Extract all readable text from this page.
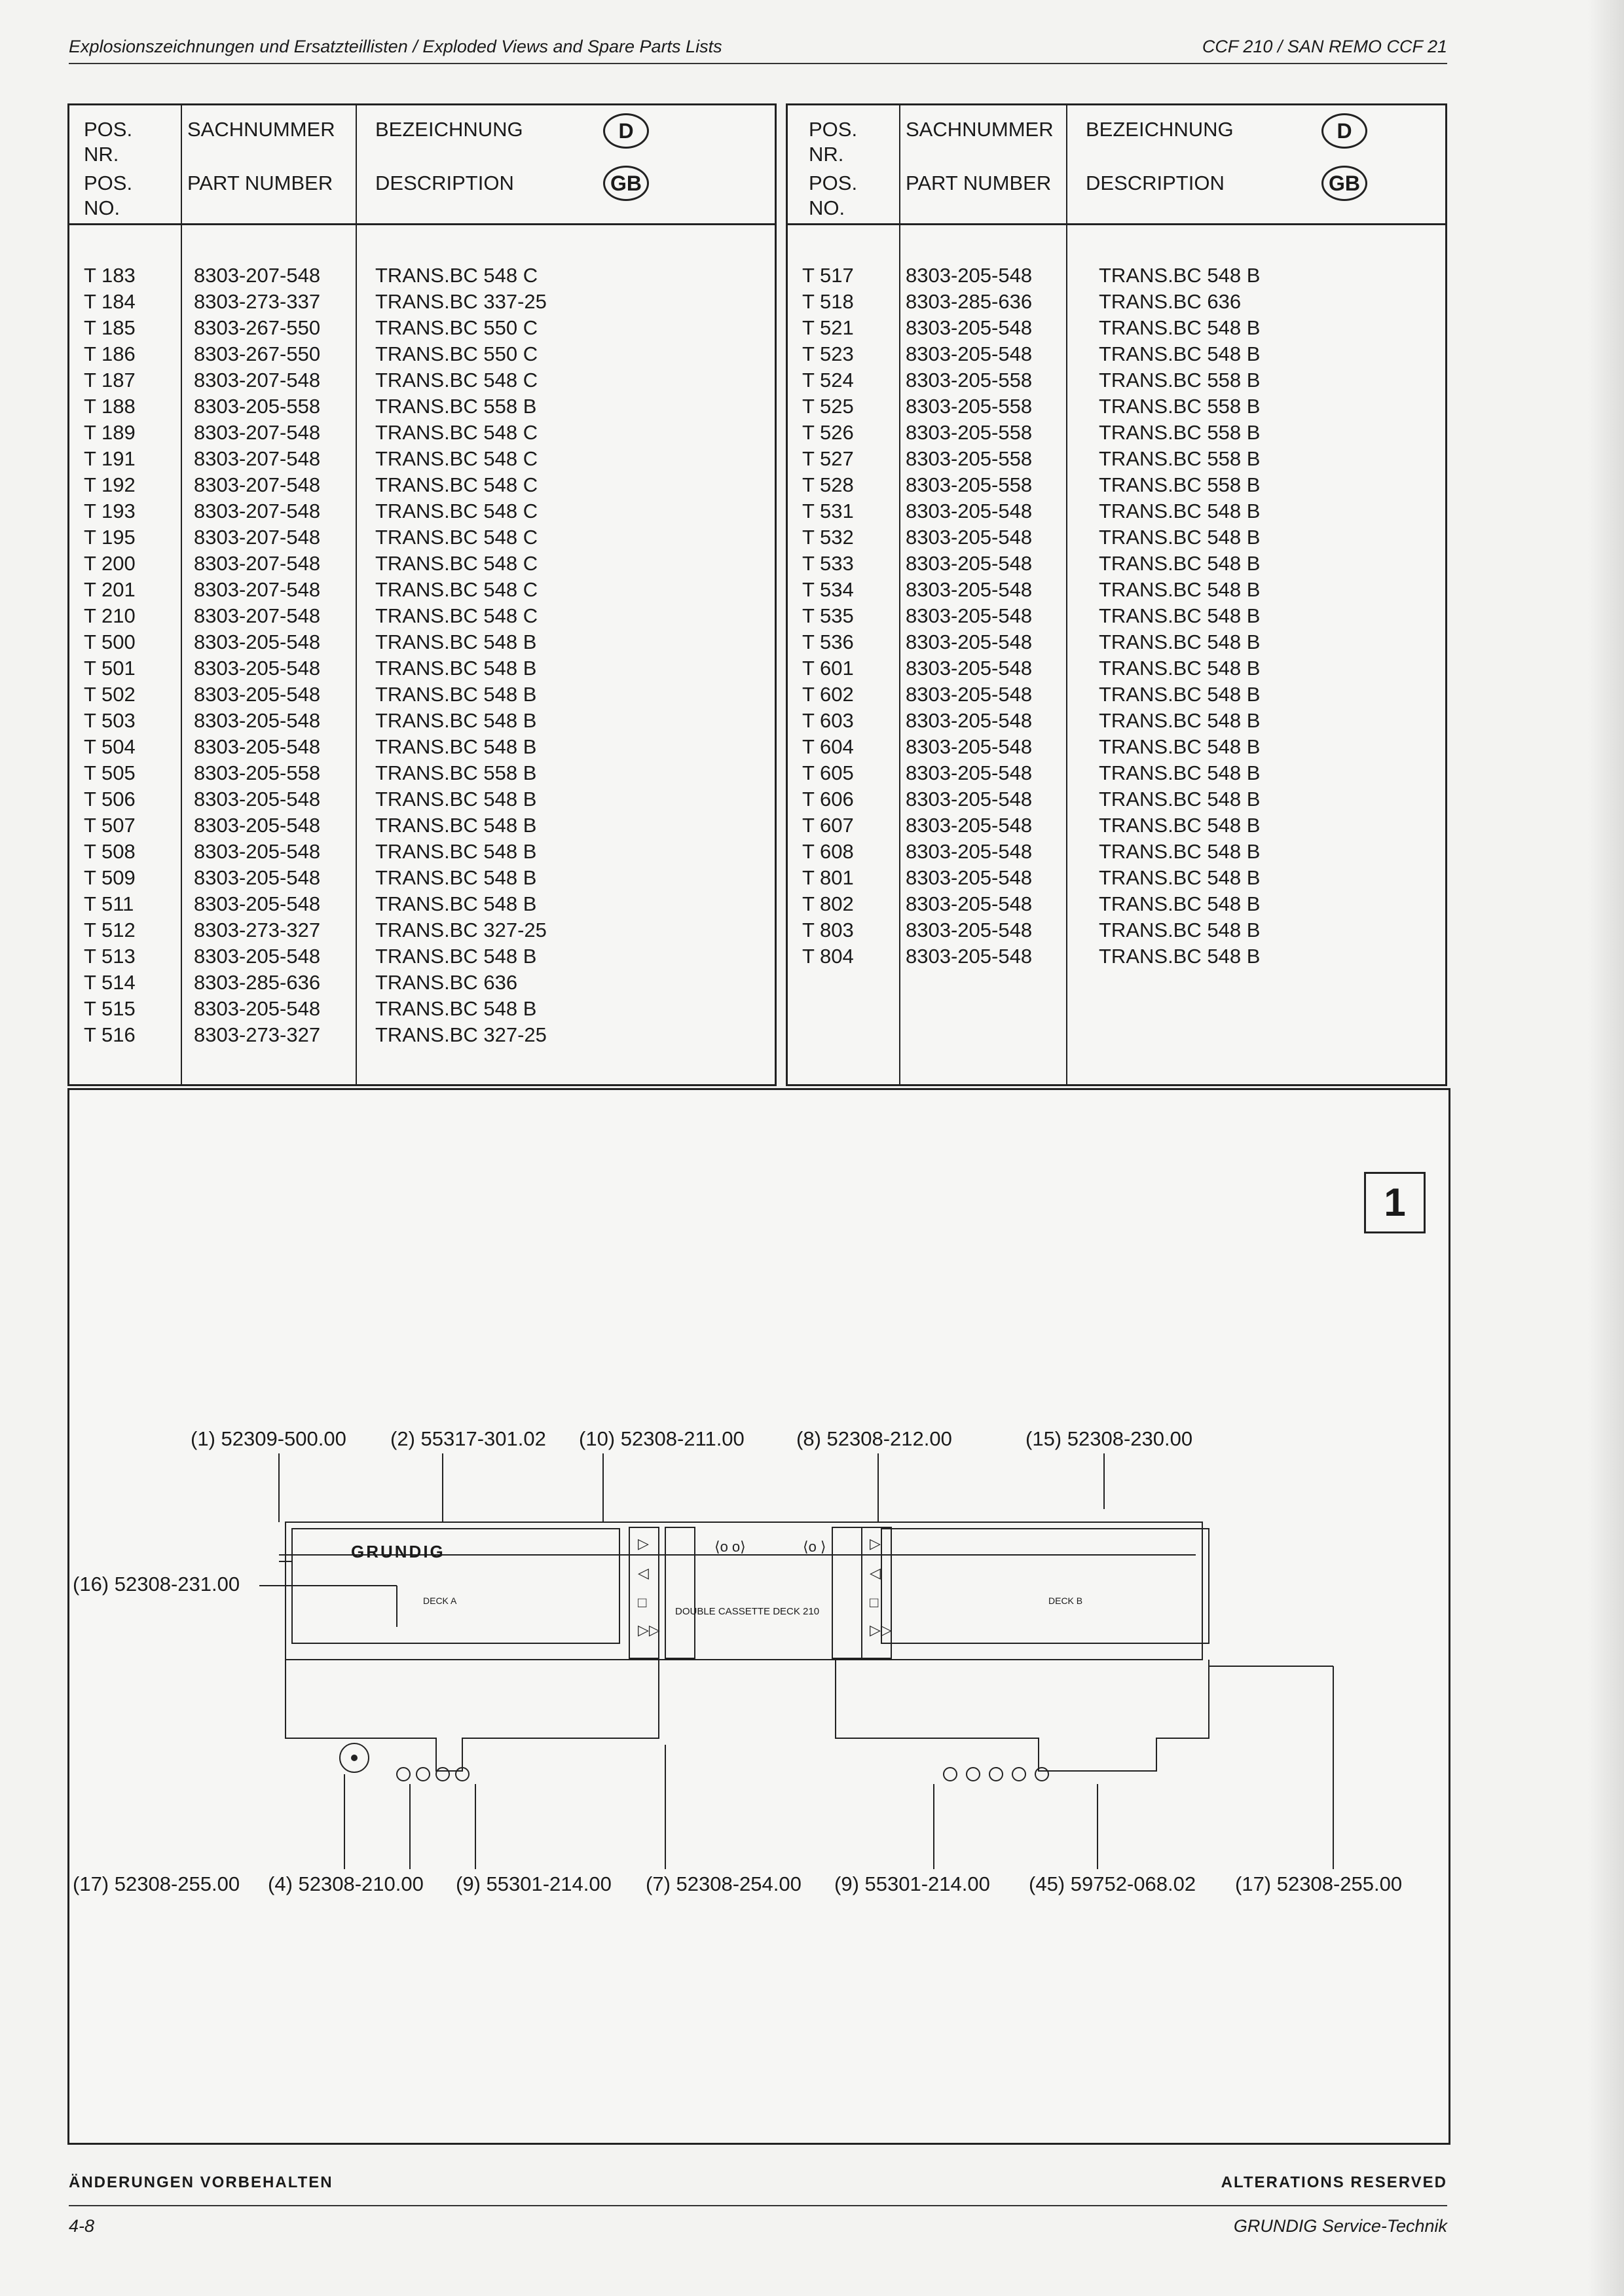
Explosionszeichnungen und Ersatzteillisten / Exploded Views and Spare Parts Lists	CCF 210 / SAN REMO CCF 21
POS.
NR.
POS.
NO.
SACHNUMMER
PART NUMBER
BEZEICHNUNG
DESCRIPTION
D
GB
T 183	8303-207-548	TRANS.BC 548 C
T 184	8303-273-337	TRANS.BC 337-25
T 185	8303-267-550	TRANS.BC 550 C
T 186	8303-267-550	TRANS.BC 550 C
T 187	8303-207-548	TRANS.BC 548 C
T 188	8303-205-558	TRANS.BC 558 B
T 189	8303-207-548	TRANS.BC 548 C
T 191	8303-207-548	TRANS.BC 548 C
T 192	8303-207-548	TRANS.BC 548 C
T 193	8303-207-548	TRANS.BC 548 C
T 195	8303-207-548	TRANS.BC 548 C
T 200	8303-207-548	TRANS.BC 548 C
T 201	8303-207-548	TRANS.BC 548 C
T 210	8303-207-548	TRANS.BC 548 C
T 500	8303-205-548	TRANS.BC 548 B
T 501	8303-205-548	TRANS.BC 548 B
T 502	8303-205-548	TRANS.BC 548 B
T 503	8303-205-548	TRANS.BC 548 B
T 504	8303-205-548	TRANS.BC 548 B
T 505	8303-205-558	TRANS.BC 558 B
T 506	8303-205-548	TRANS.BC 548 B
T 507	8303-205-548	TRANS.BC 548 B
T 508	8303-205-548	TRANS.BC 548 B
T 509	8303-205-548	TRANS.BC 548 B
T 511	8303-205-548	TRANS.BC 548 B
T 512	8303-273-327	TRANS.BC 327-25
T 513	8303-205-548	TRANS.BC 548 B
T 514	8303-285-636	TRANS.BC 636
T 515	8303-205-548	TRANS.BC 548 B
T 516	8303-273-327	TRANS.BC 327-25
POS.
NR.
POS.
NO.
SACHNUMMER
PART NUMBER
BEZEICHNUNG
DESCRIPTION
D
GB
T 517	8303-205-548	TRANS.BC 548 B
T 518	8303-285-636	TRANS.BC 636
T 521	8303-205-548	TRANS.BC 548 B
T 523	8303-205-548	TRANS.BC 548 B
T 524	8303-205-558	TRANS.BC 558 B
T 525	8303-205-558	TRANS.BC 558 B
T 526	8303-205-558	TRANS.BC 558 B
T 527	8303-205-558	TRANS.BC 558 B
T 528	8303-205-558	TRANS.BC 558 B
T 531	8303-205-548	TRANS.BC 548 B
T 532	8303-205-548	TRANS.BC 548 B
T 533	8303-205-548	TRANS.BC 548 B
T 534	8303-205-548	TRANS.BC 548 B
T 535	8303-205-548	TRANS.BC 548 B
T 536	8303-205-548	TRANS.BC 548 B
T 601	8303-205-548	TRANS.BC 548 B
T 602	8303-205-548	TRANS.BC 548 B
T 603	8303-205-548	TRANS.BC 548 B
T 604	8303-205-548	TRANS.BC 548 B
T 605	8303-205-548	TRANS.BC 548 B
T 606	8303-205-548	TRANS.BC 548 B
T 607	8303-205-548	TRANS.BC 548 B
T 608	8303-205-548	TRANS.BC 548 B
T 801	8303-205-548	TRANS.BC 548 B
T 802	8303-205-548	TRANS.BC 548 B
T 803	8303-205-548	TRANS.BC 548 B
T 804	8303-205-548	TRANS.BC 548 B
1
(1) 52309-500.00 (2) 55317-301.02 (10) 52308-211.00	(8) 52308-212.00	(15) 52308-230.00
(16) 52308-231.00
(17) 52308-255.00 (4) 52308-210.00 (9) 55301-214.00 (7) 52308-254.00 (9) 55301-214.00 (45) 59752-068.02 (17) 52308-255.00
▷
◁
□
▷▷
▷
◁
□
▷▷
⟨o o⟩	⟨o ⟩
GRUNDIG
DECK A
DOUBLE CASSETTE DECK 210
DECK B
ÄNDERUNGEN VORBEHALTEN	ALTERATIONS RESERVED
4-8	GRUNDIG Service-Technik
